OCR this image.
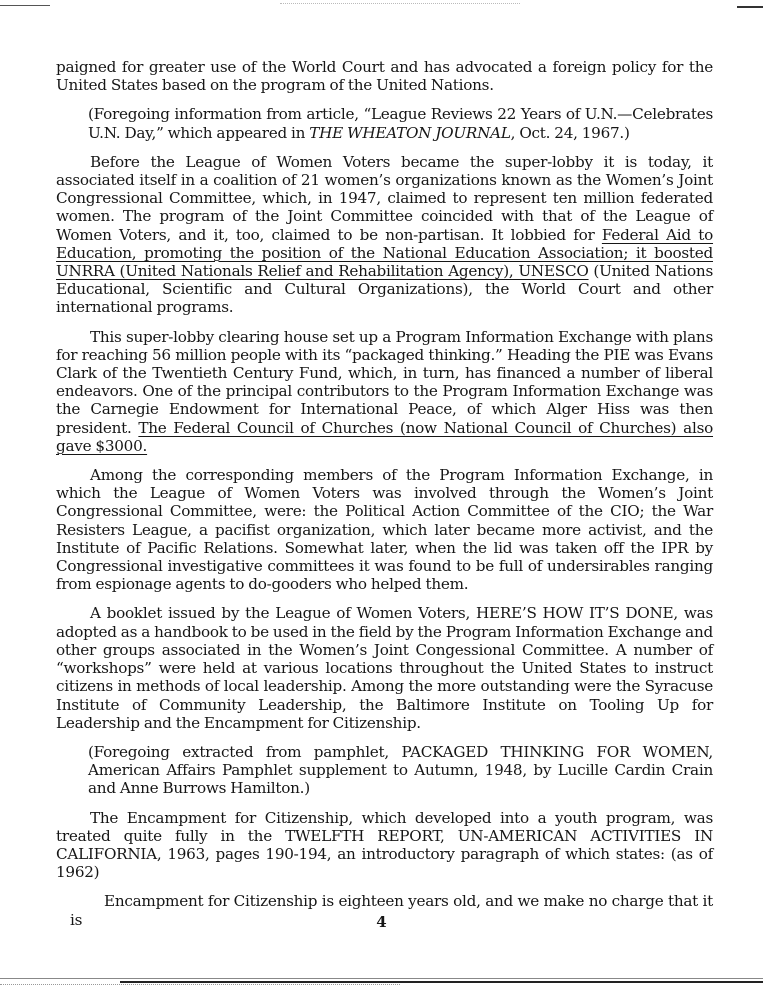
paigned for greater use of the World Court and has advocated a foreign policy for the United States based on the program of the United Nations.

(Foregoing information from article, “League Reviews 22 Years of U.N.—Celebrates U.N. Day,” which appeared in THE WHEATON JOURNAL, Oct. 24, 1967.)

Before the League of Women Voters became the super-lobby it is today, it associated itself in a coalition of 21 women’s organizations known as the Women’s Joint Congressional Committee, which, in 1947, claimed to represent ten million federated women. The program of the Joint Committee coincided with that of the League of Women Voters, and it, too, claimed to be non-partisan. It lobbied for Federal Aid to Education, promoting the position of the National Education Association; it boosted UNRRA (United Nationals Relief and Rehabilitation Agency), UNESCO (United Nations Educational, Scientific and Cultural Organizations), the World Court and other international programs.

This super-lobby clearing house set up a Program Information Exchange with plans for reaching 56 million people with its “packaged thinking.” Heading the PIE was Evans Clark of the Twentieth Century Fund, which, in turn, has financed a number of liberal endeavors. One of the principal contributors to the Program Information Exchange was the Carnegie Endowment for International Peace, of which Alger Hiss was then president. The Federal Council of Churches (now National Council of Churches) also gave $3000.

Among the corresponding members of the Program Information Exchange, in which the League of Women Voters was involved through the Women’s Joint Congressional Committee, were: the Political Action Committee of the CIO; the War Resisters League, a pacifist organization, which later became more activist, and the Institute of Pacific Relations. Somewhat later, when the lid was taken off the IPR by Congressional investigative committees it was found to be full of undersirables ranging from espionage agents to do-gooders who helped them.

A booklet issued by the League of Women Voters, HERE’S HOW IT’S DONE, was adopted as a handbook to be used in the field by the Program Information Exchange and other groups associated in the Women’s Joint Congessional Committee. A number of “workshops” were held at various locations throughout the United States to instruct citizens in methods of local leadership. Among the more outstanding were the Syracuse Institute of Community Leadership, the Baltimore Institute on Tooling Up for Leadership and the Encampment for Citizenship.

(Foregoing extracted from pamphlet, PACKAGED THINKING FOR WOMEN, American Affairs Pamphlet supplement to Autumn, 1948, by Lucille Cardin Crain and Anne Burrows Hamilton.)

The Encampment for Citizenship, which developed into a youth program, was treated quite fully in the TWELFTH REPORT, UN-AMERICAN ACTIVITIES IN CALIFORNIA, 1963, pages 190-194, an introductory paragraph of which states: (as of 1962)

Encampment for Citizenship is eighteen years old, and we make no charge that it is	4
